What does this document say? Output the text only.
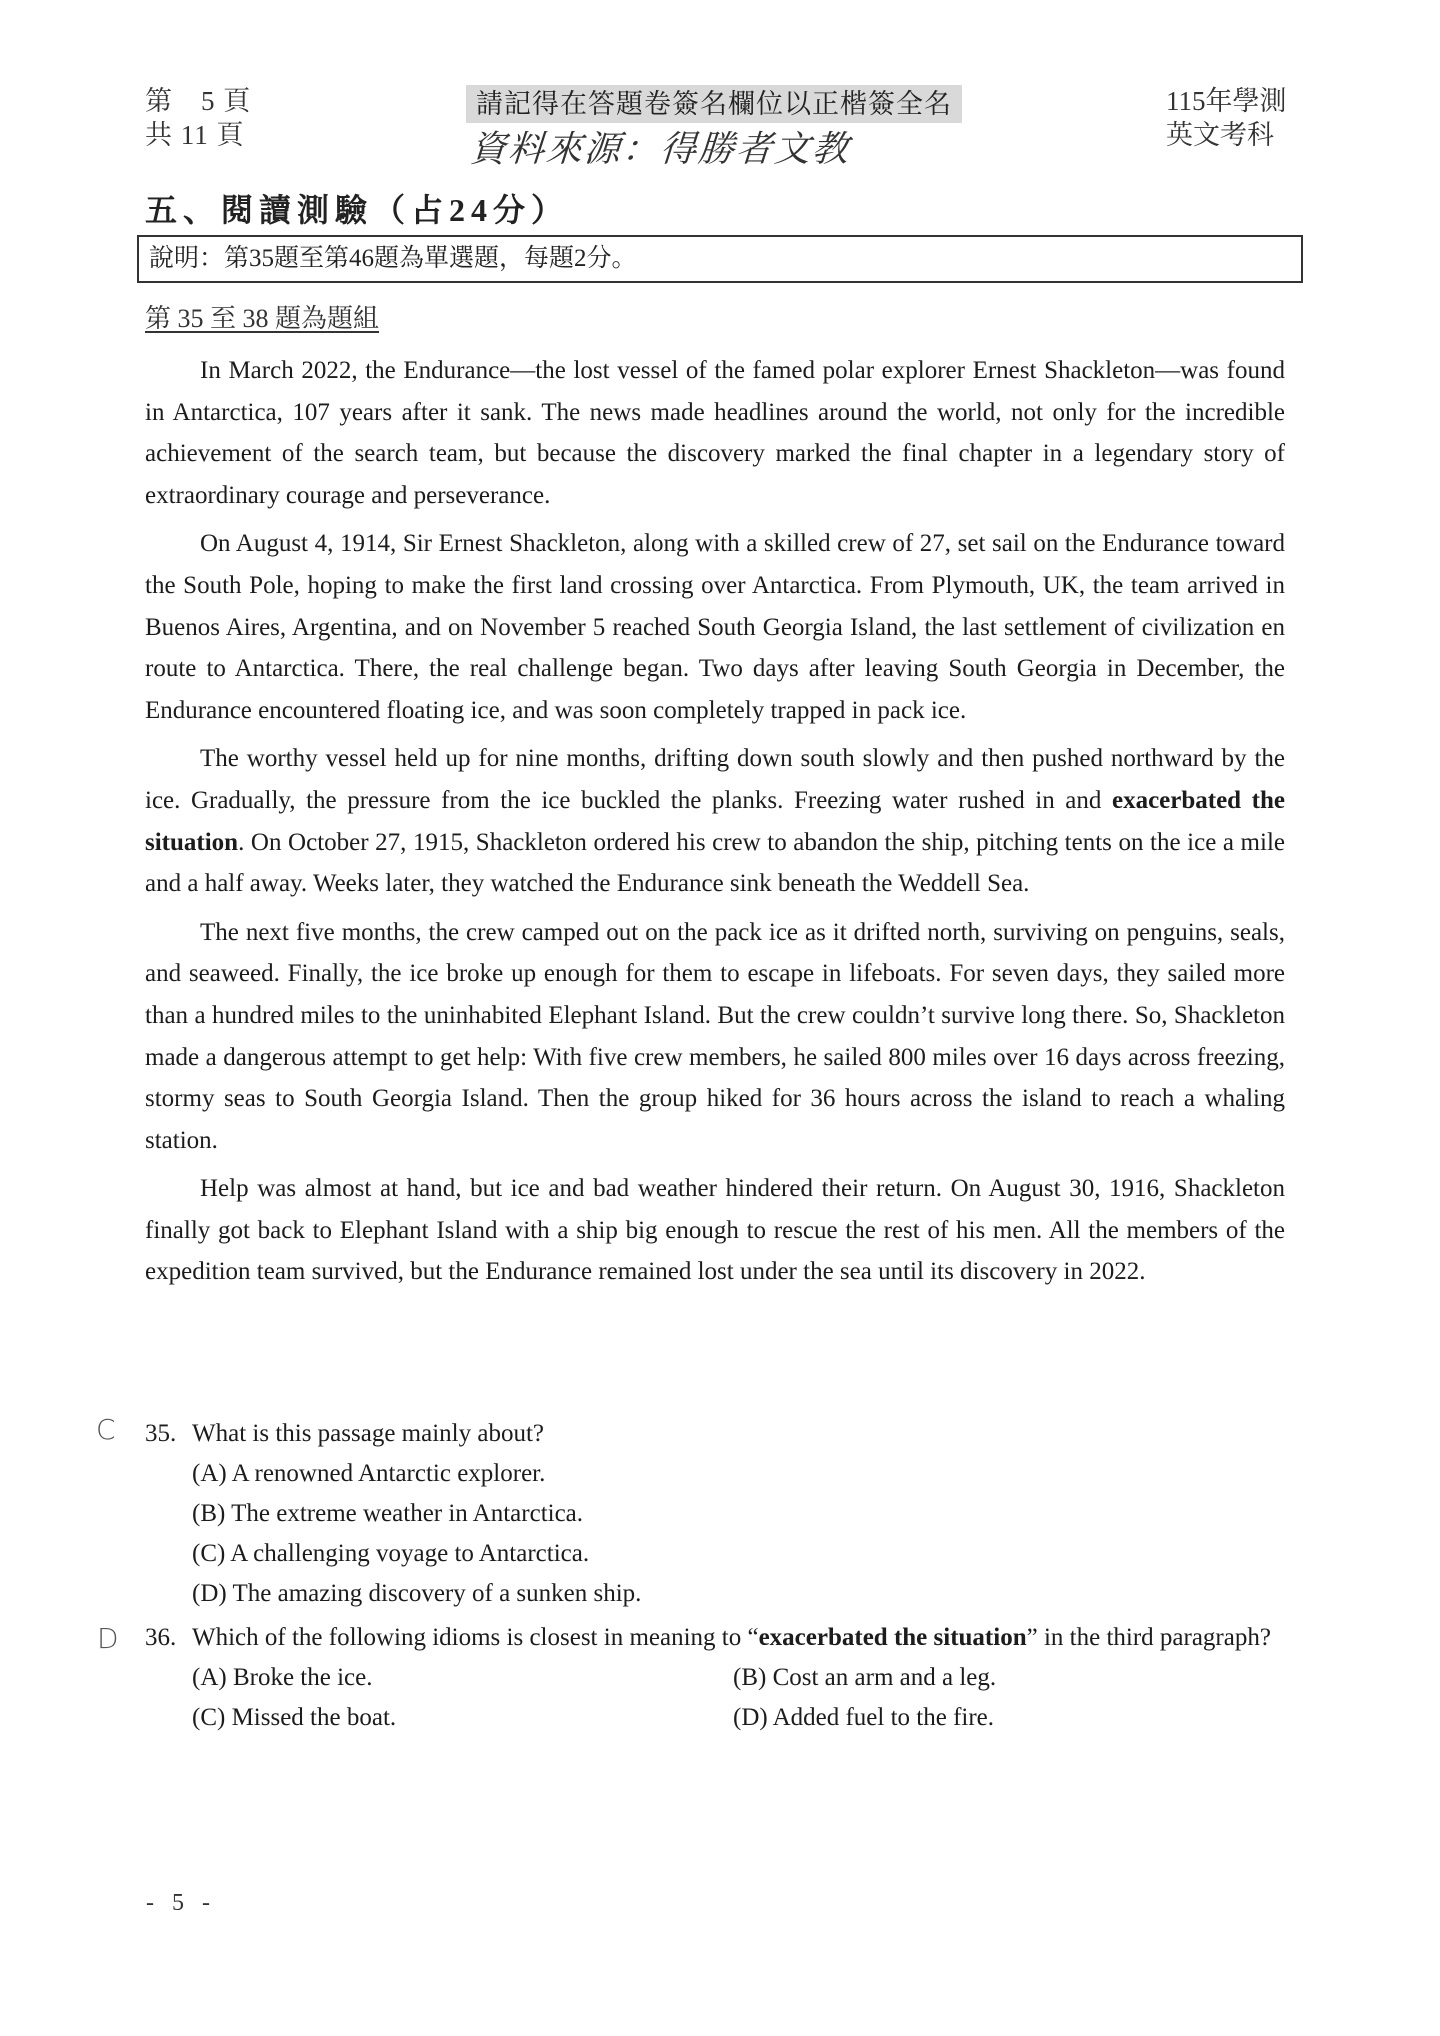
第　5 頁
共 11 頁
請記得在答題卷簽名欄位以正楷簽全名
資料來源：得勝者文教
115年學測
英文考科
五、閱讀測驗（占24分）
說明：第35題至第46題為單選題，每題2分。
第 35 至 38 題為題組

In March 2022, the Endurance—the lost vessel of the famed polar explorer Ernest Shackleton—was found in Antarctica, 107 years after it sank. The news made headlines around the world, not only for the incredible achievement of the search team, but because the discovery marked the final chapter in a legendary story of extraordinary courage and perseverance.

On August 4, 1914, Sir Ernest Shackleton, along with a skilled crew of 27, set sail on the Endurance toward the South Pole, hoping to make the first land crossing over Antarctica. From Plymouth, UK, the team arrived in Buenos Aires, Argentina, and on November 5 reached South Georgia Island, the last settlement of civilization en route to Antarctica. There, the real challenge began. Two days after leaving South Georgia in December, the Endurance encountered floating ice, and was soon completely trapped in pack ice.

The worthy vessel held up for nine months, drifting down south slowly and then pushed northward by the ice. Gradually, the pressure from the ice buckled the planks. Freezing water rushed in and exacerbated the situation. On October 27, 1915, Shackleton ordered his crew to abandon the ship, pitching tents on the ice a mile and a half away. Weeks later, they watched the Endurance sink beneath the Weddell Sea.

The next five months, the crew camped out on the pack ice as it drifted north, surviving on penguins, seals, and seaweed. Finally, the ice broke up enough for them to escape in lifeboats. For seven days, they sailed more than a hundred miles to the uninhabited Elephant Island. But the crew couldn’t survive long there. So, Shackleton made a dangerous attempt to get help: With five crew members, he sailed 800 miles over 16 days across freezing, stormy seas to South Georgia Island. Then the group hiked for 36 hours across the island to reach a whaling station.

Help was almost at hand, but ice and bad weather hindered their return. On August 30, 1916, Shackleton finally got back to Elephant Island with a ship big enough to rescue the rest of his men. All the members of the expedition team survived, but the Endurance remained lost under the sea until its discovery in 2022.

C
D
35. What is this passage mainly about?
(A) A renowned Antarctic explorer.
(B) The extreme weather in Antarctica.
(C) A challenging voyage to Antarctica.
(D) The amazing discovery of a sunken ship.
36. Which of the following idioms is closest in meaning to “exacerbated the situation” in the third paragraph?
(A) Broke the ice.	(B) Cost an arm and a leg.
(C) Missed the boat.	(D) Added fuel to the fire.
- 5 -
